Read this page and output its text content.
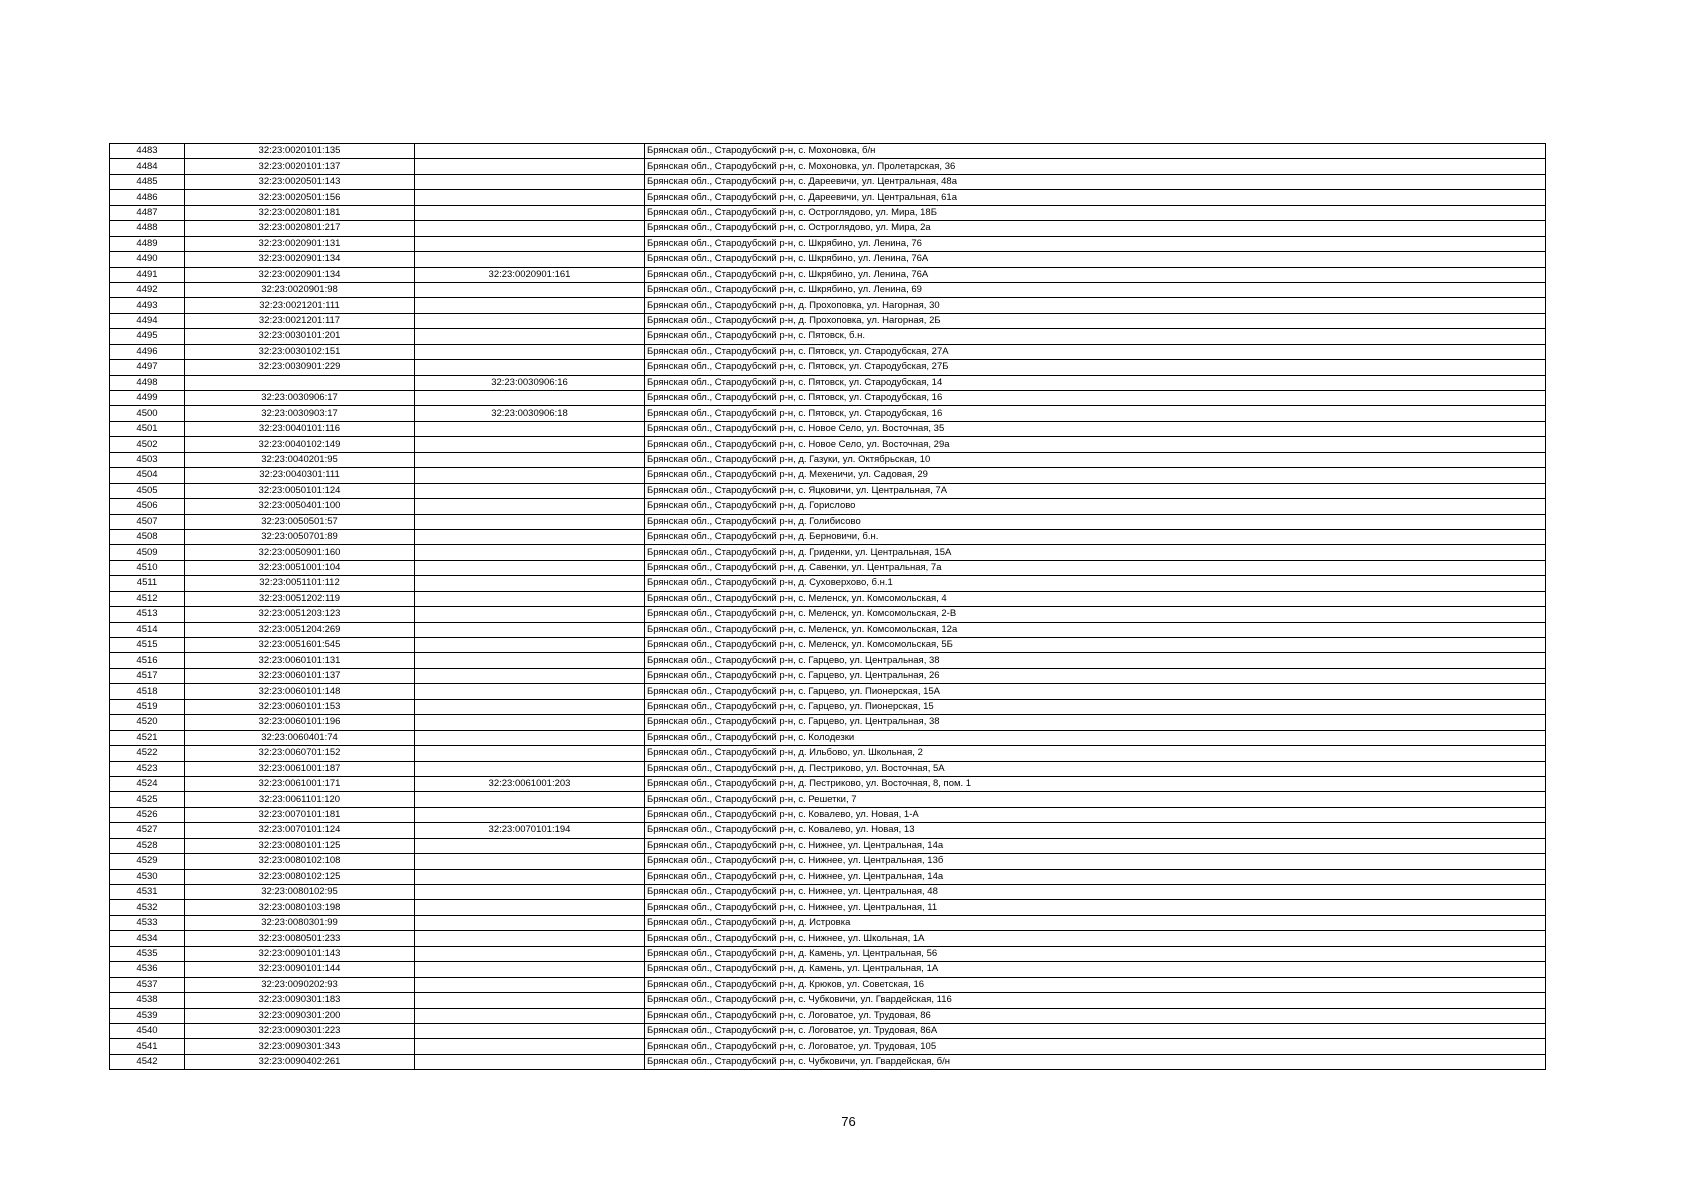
4483	32:23:0020101:135		Брянская обл., Стародубский р-н, с. Мохоновка, б/н
4484	32:23:0020101:137		Брянская обл., Стародубский р-н, с. Мохоновка, ул. Пролетарская, 36
4485	32:23:0020501:143		Брянская обл., Стародубский р-н, с. Дареевичи, ул. Центральная, 48а
4486	32:23:0020501:156		Брянская обл., Стародубский р-н, с. Дареевичи, ул. Центральная, 61а
4487	32:23:0020801:181		Брянская обл., Стародубский р-н, с. Остроглядово, ул. Мира, 18Б
4488	32:23:0020801:217		Брянская обл., Стародубский р-н, с. Остроглядово, ул. Мира, 2а
4489	32:23:0020901:131		Брянская обл., Стародубский р-н, с. Шкрябино, ул. Ленина, 76
4490	32:23:0020901:134		Брянская обл., Стародубский р-н, с. Шкрябино, ул. Ленина, 76А
4491	32:23:0020901:134	32:23:0020901:161	Брянская обл., Стародубский р-н, с. Шкрябино, ул. Ленина, 76А
4492	32:23:0020901:98		Брянская обл., Стародубский р-н, с. Шкрябино, ул. Ленина, 69
4493	32:23:0021201:111		Брянская обл., Стародубский р-н, д. Прохоповка, ул. Нагорная, 30
4494	32:23:0021201:117		Брянская обл., Стародубский р-н, д. Прохоповка, ул. Нагорная, 2Б
4495	32:23:0030101:201		Брянская обл., Стародубский р-н, с. Пятовск, б.н.
4496	32:23:0030102:151		Брянская обл., Стародубский р-н, с. Пятовск, ул. Стародубская, 27А
4497	32:23:0030901:229		Брянская обл., Стародубский р-н, с. Пятовск, ул. Стародубская, 27Б
4498		32:23:0030906:16	Брянская обл., Стародубский р-н, с. Пятовск, ул. Стародубская, 14
4499	32:23:0030906:17		Брянская обл., Стародубский р-н, с. Пятовск, ул. Стародубская, 16
4500	32:23:0030903:17	32:23:0030906:18	Брянская обл., Стародубский р-н, с. Пятовск, ул. Стародубская, 16
4501	32:23:0040101:116		Брянская обл., Стародубский р-н, с. Новое Село, ул. Восточная, 35
4502	32:23:0040102:149		Брянская обл., Стародубский р-н, с. Новое Село, ул. Восточная, 29а
4503	32:23:0040201:95		Брянская обл., Стародубский р-н, д. Газуки, ул. Октябрьская, 10
4504	32:23:0040301:111		Брянская обл., Стародубский р-н, д. Мехеничи, ул. Садовая, 29
4505	32:23:0050101:124		Брянская обл., Стародубский р-н, с. Яцковичи, ул. Центральная, 7А
4506	32:23:0050401:100		Брянская обл., Стародубский р-н, д. Горислово
4507	32:23:0050501:57		Брянская обл., Стародубский р-н, д. Голибисово
4508	32:23:0050701:89		Брянская обл., Стародубский р-н, д. Берновичи, б.н.
4509	32:23:0050901:160		Брянская обл., Стародубский р-н, д. Гриденки, ул. Центральная, 15А
4510	32:23:0051001:104		Брянская обл., Стародубский р-н, д. Савенки, ул. Центральная, 7а
4511	32:23:0051101:112		Брянская обл., Стародубский р-н, д. Суховерхово, б.н.1
4512	32:23:0051202:119		Брянская обл., Стародубский р-н, с. Меленск, ул. Комсомольская, 4
4513	32:23:0051203:123		Брянская обл., Стародубский р-н, с. Меленск, ул. Комсомольская, 2-В
4514	32:23:0051204:269		Брянская обл., Стародубский р-н, с. Меленск, ул. Комсомольская, 12а
4515	32:23:0051601:545		Брянская обл., Стародубский р-н, с. Меленск, ул. Комсомольская, 5Б
4516	32:23:0060101:131		Брянская обл., Стародубский р-н, с. Гарцево, ул. Центральная, 38
4517	32:23:0060101:137		Брянская обл., Стародубский р-н, с. Гарцево, ул. Центральная, 26
4518	32:23:0060101:148		Брянская обл., Стародубский р-н, с. Гарцево, ул. Пионерская, 15А
4519	32:23:0060101:153		Брянская обл., Стародубский р-н, с. Гарцево, ул. Пионерская, 15
4520	32:23:0060101:196		Брянская обл., Стародубский р-н, с. Гарцево, ул. Центральная, 38
4521	32:23:0060401:74		Брянская обл., Стародубский р-н, с. Колодезки
4522	32:23:0060701:152		Брянская обл., Стародубский р-н, д. Ильбово, ул. Школьная, 2
4523	32:23:0061001:187		Брянская обл., Стародубский р-н, д. Пестриково, ул. Восточная, 5А
4524	32:23:0061001:171	32:23:0061001:203	Брянская обл., Стародубский р-н, д. Пестриково, ул. Восточная, 8, пом. 1
4525	32:23:0061101:120		Брянская обл., Стародубский р-н, с. Решетки, 7
4526	32:23:0070101:181		Брянская обл., Стародубский р-н, с. Ковалево, ул. Новая, 1-А
4527	32:23:0070101:124	32:23:0070101:194	Брянская обл., Стародубский р-н, с. Ковалево, ул. Новая, 13
4528	32:23:0080101:125		Брянская обл., Стародубский р-н, с. Нижнее, ул. Центральная, 14а
4529	32:23:0080102:108		Брянская обл., Стародубский р-н, с. Нижнее, ул. Центральная, 13б
4530	32:23:0080102:125		Брянская обл., Стародубский р-н, с. Нижнее, ул. Центральная, 14а
4531	32:23:0080102:95		Брянская обл., Стародубский р-н, с. Нижнее, ул. Центральная, 48
4532	32:23:0080103:198		Брянская обл., Стародубский р-н, с. Нижнее, ул. Центральная, 11
4533	32:23:0080301:99		Брянская обл., Стародубский р-н, д. Истровка
4534	32:23:0080501:233		Брянская обл., Стародубский р-н, с. Нижнее, ул. Школьная, 1А
4535	32:23:0090101:143		Брянская обл., Стародубский р-н, д. Камень, ул. Центральная, 56
4536	32:23:0090101:144		Брянская обл., Стародубский р-н, д. Камень, ул. Центральная, 1А
4537	32:23:0090202:93		Брянская обл., Стародубский р-н, д. Крюков, ул. Советская, 16
4538	32:23:0090301:183		Брянская обл., Стародубский р-н, с. Чубковичи, ул. Гвардейская, 116
4539	32:23:0090301:200		Брянская обл., Стародубский р-н, с. Логоватое, ул. Трудовая, 86
4540	32:23:0090301:223		Брянская обл., Стародубский р-н, с. Логоватое, ул. Трудовая, 86А
4541	32:23:0090301:343		Брянская обл., Стародубский р-н, с. Логоватое, ул. Трудовая, 105
4542	32:23:0090402:261		Брянская обл., Стародубский р-н, с. Чубковичи, ул. Гвардейская, б/н
76
